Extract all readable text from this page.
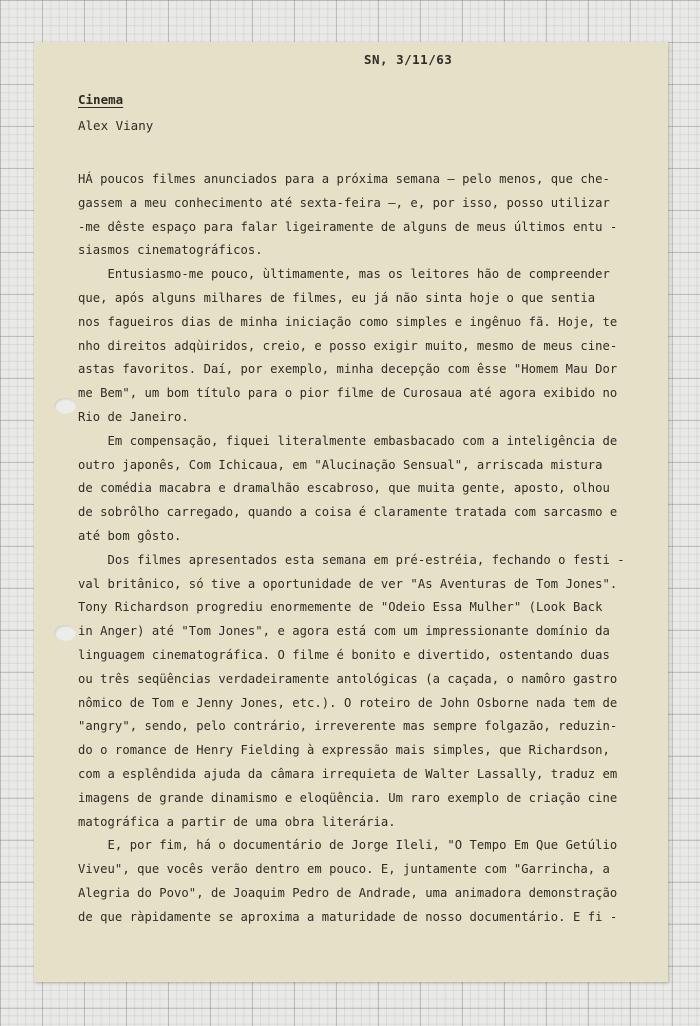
SN, 3/11/63
Cinema
Alex Viany
HÁ poucos filmes anunciados para a próxima semana — pelo menos, que che-
gassem a meu conhecimento até sexta-feira —, e, por isso, posso utilizar
-me dêste espaço para falar ligeiramente de alguns de meus últimos entu -
siasmos cinematográficos.
Entusiasmo-me pouco, ùltimamente, mas os leitores hão de compreender
que, após alguns milhares de filmes, eu já não sinta hoje o que sentia
nos fagueiros dias de minha iniciação como simples e ingênuo fã. Hoje, te
nho direitos adqùiridos, creio, e posso exigir muito, mesmo de meus cine-
astas favoritos. Daí, por exemplo, minha decepção com êsse "Homem Mau Dor
me Bem", um bom título para o pior filme de Curosaua até agora exibido no
Rio de Janeiro.
Em compensação, fiquei literalmente embasbacado com a inteligência de
outro japonês, Com Ichicaua, em "Alucinação Sensual", arriscada mistura
de comédia macabra e dramalhão escabroso, que muita gente, aposto, olhou
de sobrôlho carregado, quando a coisa é claramente tratada com sarcasmo e
até bom gôsto.
Dos filmes apresentados esta semana em pré-estréia, fechando o festi -
val britânico, só tive a oportunidade de ver "As Aventuras de Tom Jones".
Tony Richardson progrediu enormemente de "Odeio Essa Mulher" (Look Back
in Anger) até "Tom Jones", e agora está com um impressionante domínio da
linguagem cinematográfica. O filme é bonito e divertido, ostentando duas
ou três seqüências verdadeiramente antológicas (a caçada, o namôro gastro
nômico de Tom e Jenny Jones, etc.). O roteiro de John Osborne nada tem de
"angry", sendo, pelo contrário, irreverente mas sempre folgazão, reduzin-
do o romance de Henry Fielding à expressão mais simples, que Richardson,
com a esplêndida ajuda da câmara irrequieta de Walter Lassally, traduz em
imagens de grande dinamismo e eloqüência. Um raro exemplo de criação cine
matográfica a partir de uma obra literária.
E, por fim, há o documentário de Jorge Ileli, "O Tempo Em Que Getúlio
Viveu", que vocês verão dentro em pouco. E, juntamente com "Garrincha, a
Alegria do Povo", de Joaquim Pedro de Andrade, uma animadora demonstração
de que ràpidamente se aproxima a maturidade de nosso documentário. E fi -
